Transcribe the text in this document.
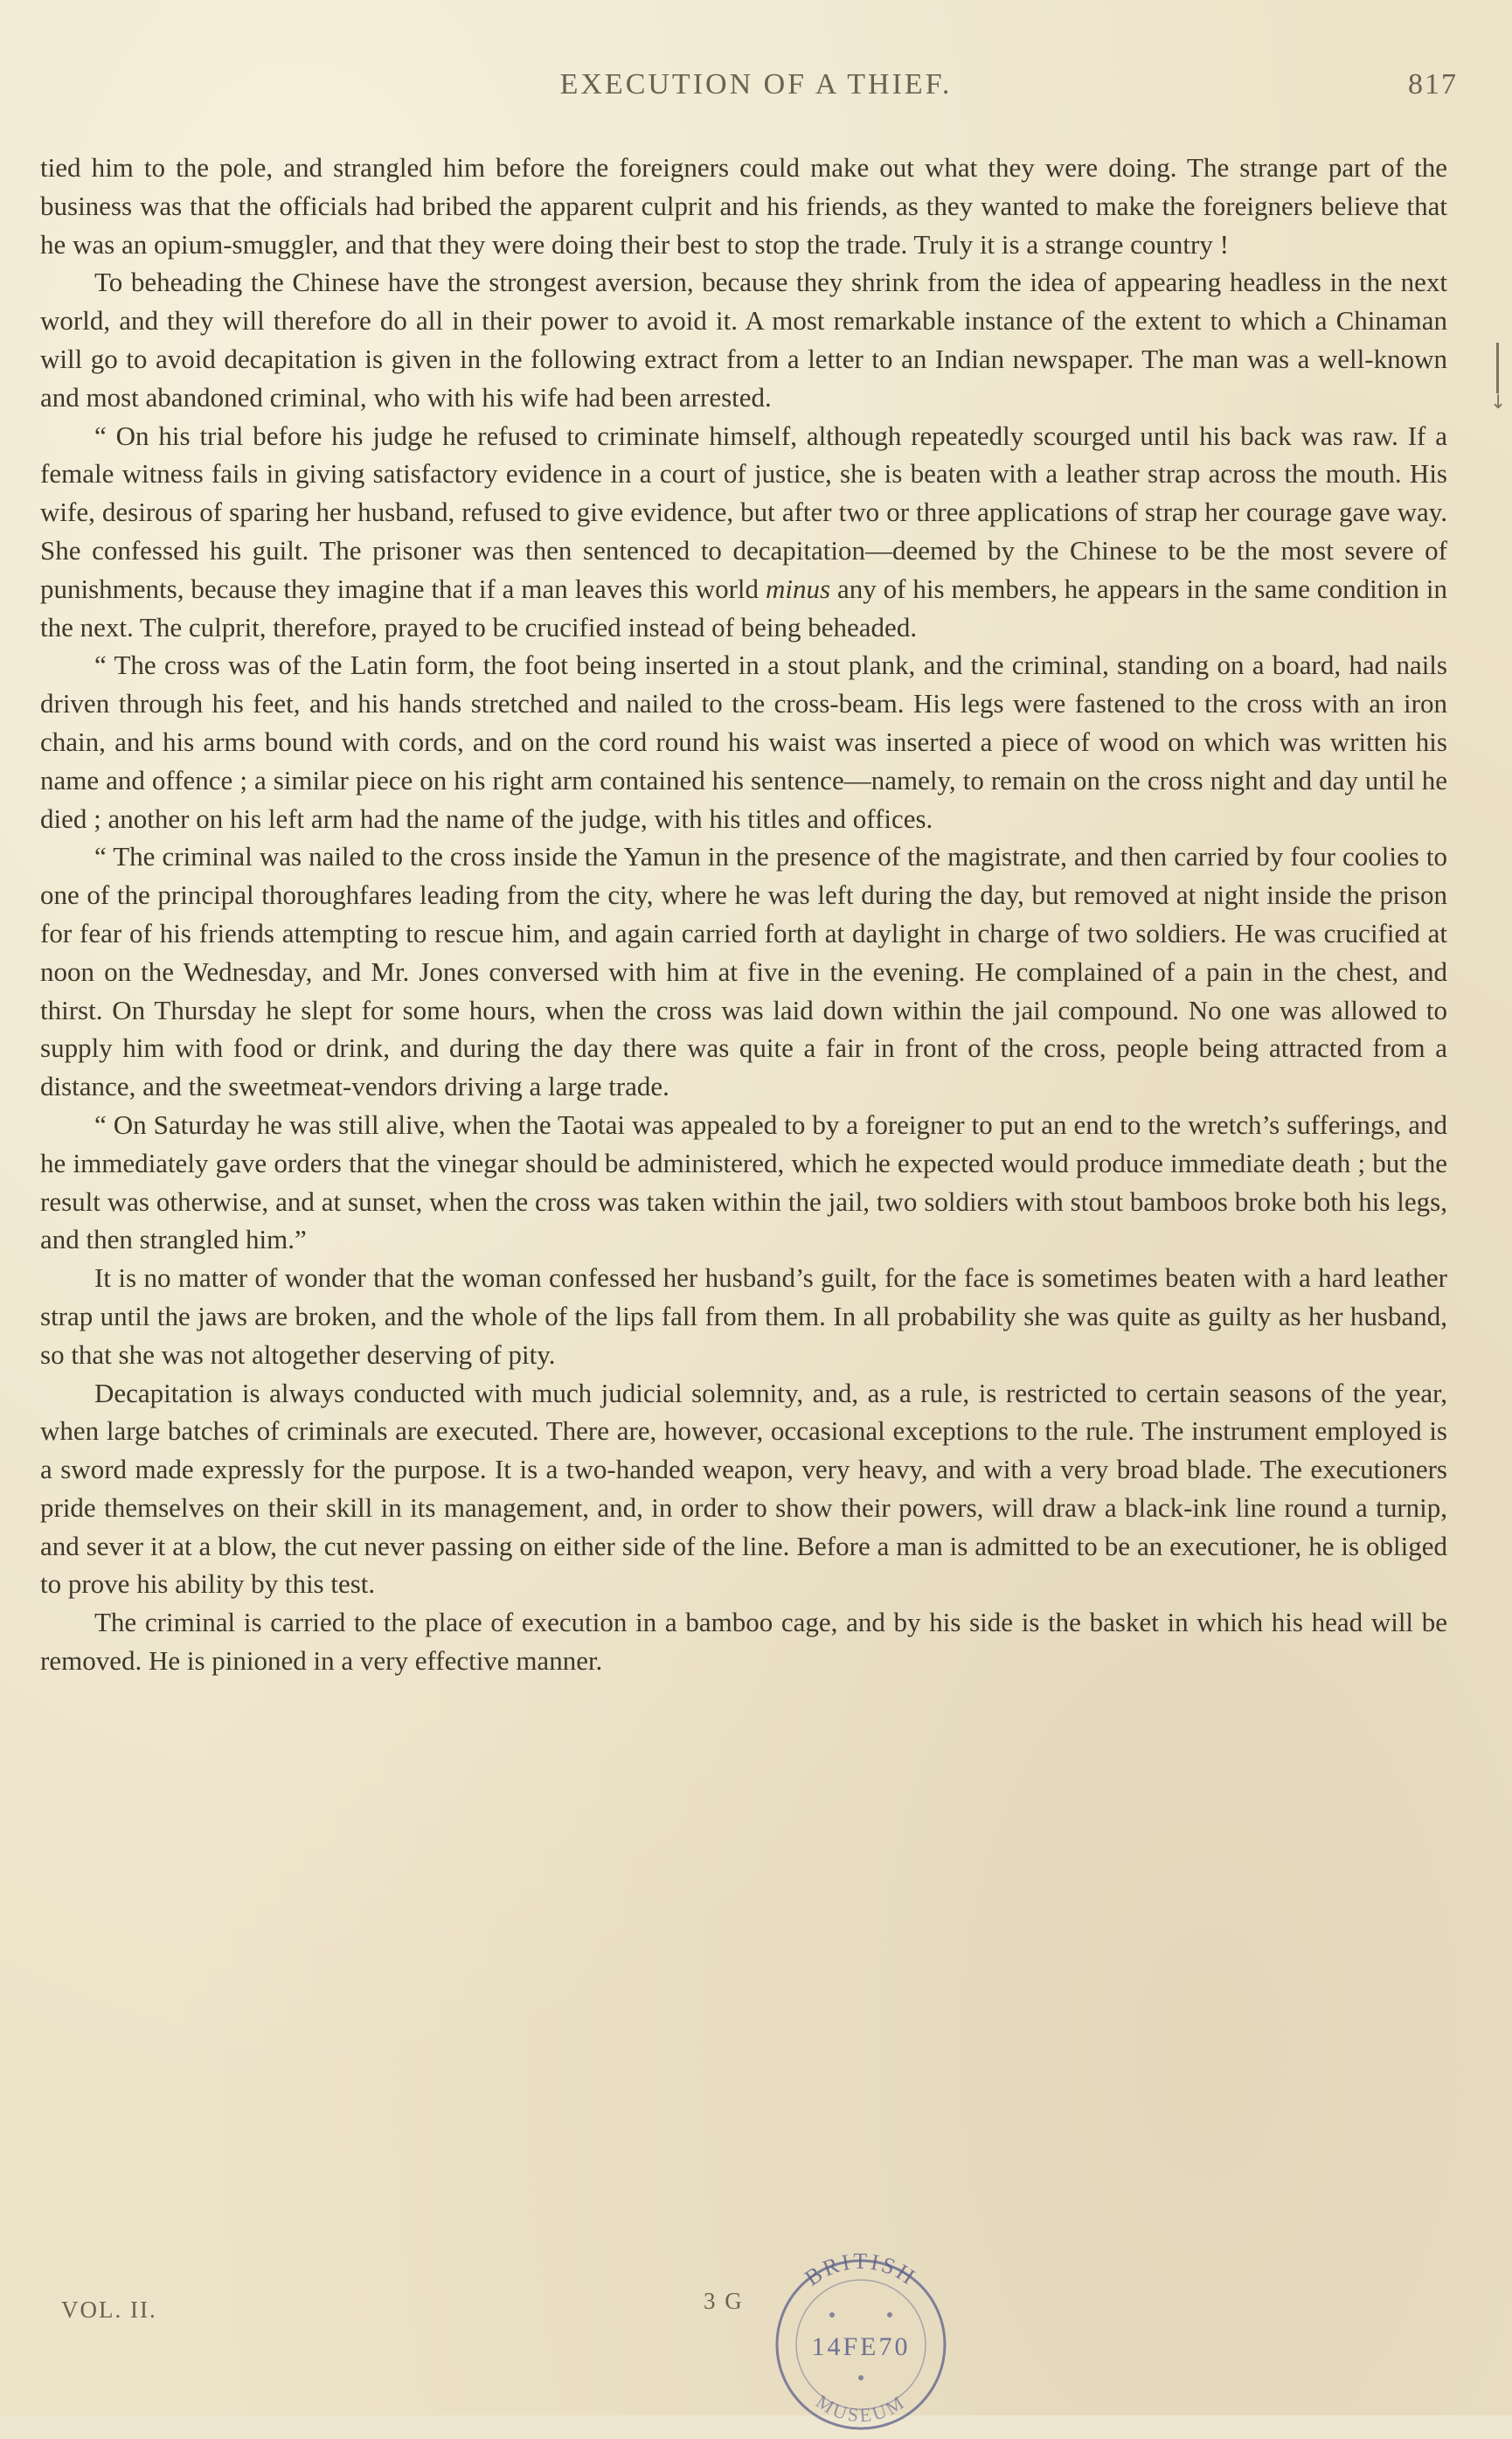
EXECUTION OF A THIEF.	817
↓

tied him to the pole, and strangled him before the foreigners could make out what they were doing. The strange part of the business was that the officials had bribed the apparent culprit and his friends, as they wanted to make the foreigners believe that he was an opium-smuggler, and that they were doing their best to stop the trade. Truly it is a strange country !

To beheading the Chinese have the strongest aversion, because they shrink from the idea of appearing headless in the next world, and they will therefore do all in their power to avoid it. A most remarkable instance of the extent to which a Chinaman will go to avoid decapitation is given in the following extract from a letter to an Indian newspaper. The man was a well-known and most abandoned criminal, who with his wife had been arrested.

“ On his trial before his judge he refused to criminate himself, although repeatedly scourged until his back was raw. If a female witness fails in giving satisfactory evidence in a court of justice, she is beaten with a leather strap across the mouth. His wife, desirous of sparing her husband, refused to give evidence, but after two or three applications of strap her courage gave way. She confessed his guilt. The prisoner was then sentenced to decapitation—deemed by the Chinese to be the most severe of punishments, because they imagine that if a man leaves this world minus any of his members, he appears in the same condition in the next. The culprit, therefore, prayed to be crucified instead of being beheaded.

“ The cross was of the Latin form, the foot being inserted in a stout plank, and the criminal, standing on a board, had nails driven through his feet, and his hands stretched and nailed to the cross-beam. His legs were fastened to the cross with an iron chain, and his arms bound with cords, and on the cord round his waist was inserted a piece of wood on which was written his name and offence ; a similar piece on his right arm contained his sentence—namely, to remain on the cross night and day until he died ; another on his left arm had the name of the judge, with his titles and offices.

“ The criminal was nailed to the cross inside the Yamun in the presence of the magistrate, and then carried by four coolies to one of the principal thoroughfares leading from the city, where he was left during the day, but removed at night inside the prison for fear of his friends attempting to rescue him, and again carried forth at daylight in charge of two soldiers. He was crucified at noon on the Wednesday, and Mr. Jones conversed with him at five in the evening. He complained of a pain in the chest, and thirst. On Thursday he slept for some hours, when the cross was laid down within the jail compound. No one was allowed to supply him with food or drink, and during the day there was quite a fair in front of the cross, people being attracted from a distance, and the sweetmeat-vendors driving a large trade.

“ On Saturday he was still alive, when the Taotai was appealed to by a foreigner to put an end to the wretch’s sufferings, and he immediately gave orders that the vinegar should be administered, which he expected would produce immediate death ; but the result was otherwise, and at sunset, when the cross was taken within the jail, two soldiers with stout bamboos broke both his legs, and then strangled him.”

It is no matter of wonder that the woman confessed her husband’s guilt, for the face is sometimes beaten with a hard leather strap until the jaws are broken, and the whole of the lips fall from them. In all probability she was quite as guilty as her husband, so that she was not altogether deserving of pity.

Decapitation is always conducted with much judicial solemnity, and, as a rule, is restricted to certain seasons of the year, when large batches of criminals are executed. There are, however, occasional exceptions to the rule. The instrument employed is a sword made expressly for the purpose. It is a two-handed weapon, very heavy, and with a very broad blade. The executioners pride themselves on their skill in its management, and, in order to show their powers, will draw a black-ink line round a turnip, and sever it at a blow, the cut never passing on either side of the line. Before a man is admitted to be an executioner, he is obliged to prove his ability by this test.

The criminal is carried to the place of execution in a bamboo cage, and by his side is the basket in which his head will be removed. He is pinioned in a very effective manner.

VOL. II.	3 G
BRITISH
14FE70
MUSEUM
